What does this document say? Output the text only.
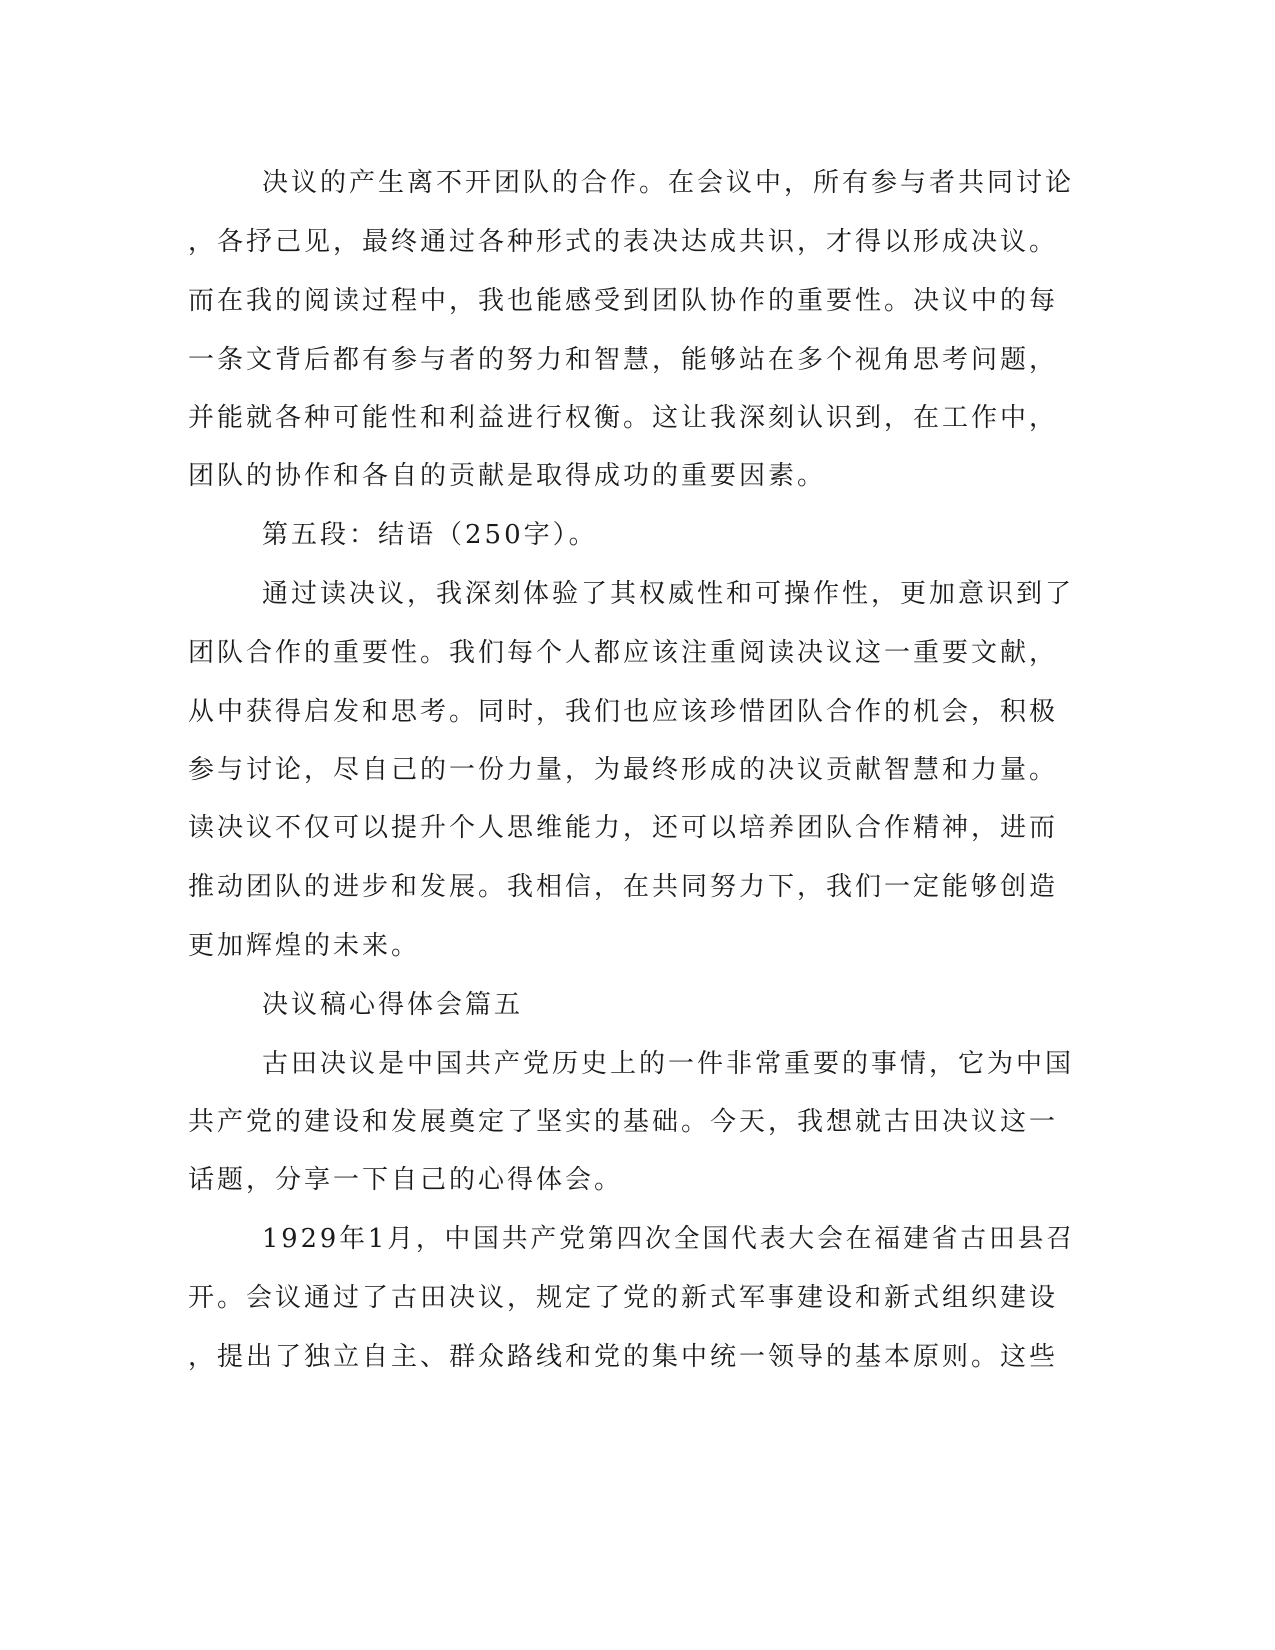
决议的产生离不开团队的合作。在会议中，所有参与者共同讨论
，各抒己见，最终通过各种形式的表决达成共识，才得以形成决议。
而在我的阅读过程中，我也能感受到团队协作的重要性。决议中的每
一条文背后都有参与者的努力和智慧，能够站在多个视角思考问题，
并能就各种可能性和利益进行权衡。这让我深刻认识到，在工作中，
团队的协作和各自的贡献是取得成功的重要因素。
第五段：结语（250字）。
通过读决议，我深刻体验了其权威性和可操作性，更加意识到了
团队合作的重要性。我们每个人都应该注重阅读决议这一重要文献，
从中获得启发和思考。同时，我们也应该珍惜团队合作的机会，积极
参与讨论，尽自己的一份力量，为最终形成的决议贡献智慧和力量。
读决议不仅可以提升个人思维能力，还可以培养团队合作精神，进而
推动团队的进步和发展。我相信，在共同努力下，我们一定能够创造
更加辉煌的未来。
决议稿心得体会篇五
古田决议是中国共产党历史上的一件非常重要的事情，它为中国
共产党的建设和发展奠定了坚实的基础。今天，我想就古田决议这一
话题，分享一下自己的心得体会。
1929年1月，中国共产党第四次全国代表大会在福建省古田县召
开。会议通过了古田决议，规定了党的新式军事建设和新式组织建设
，提出了独立自主、群众路线和党的集中统一领导的基本原则。这些
